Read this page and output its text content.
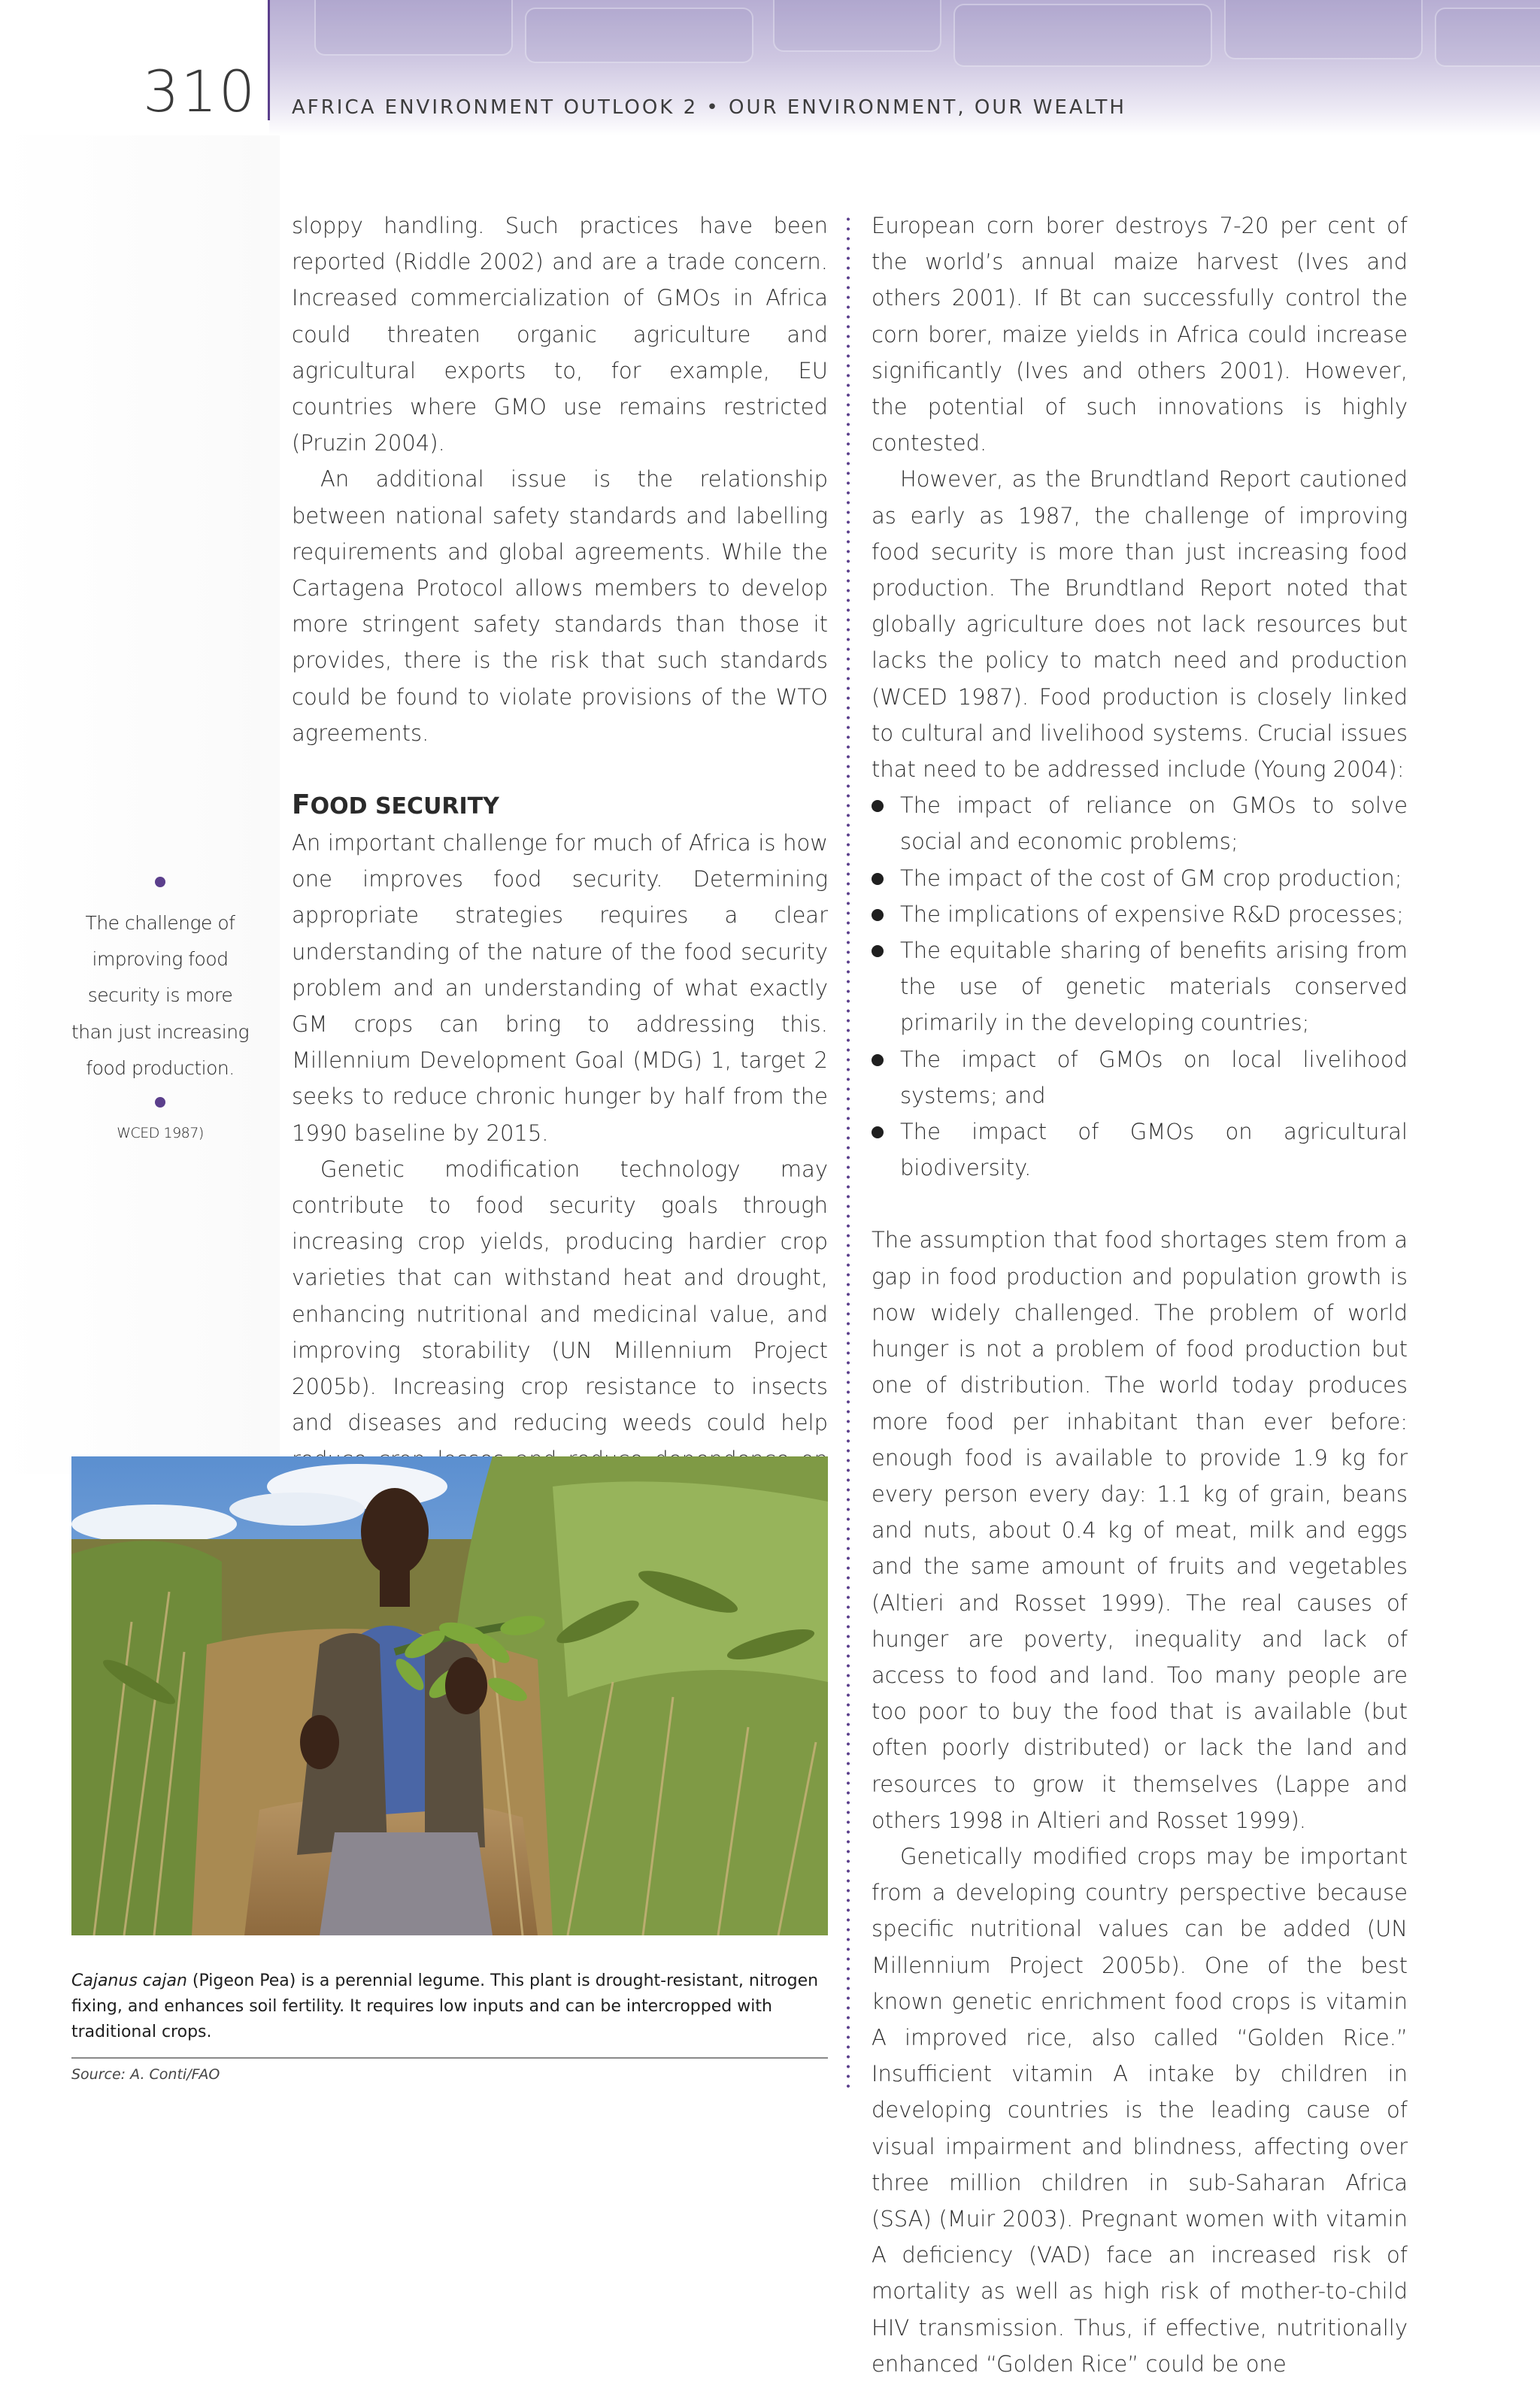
310 AFRICA ENVIRONMENT OUTLOOK 2 • OUR ENVIRONMENT, OUR WEALTH

sloppy handling. Such practices have been reported (Riddle 2002) and are a trade concern. Increased commercialization of GMOs in Africa could threaten organic agriculture and agricultural exports to, for example, EU countries where GMO use remains restricted (Pruzin 2004).

An additional issue is the relationship between national safety standards and labelling requirements and global agreements. While the Cartagena Protocol allows members to develop more stringent safety standards than those it provides, there is the risk that such standards could be found to violate provisions of the WTO agreements.

FOOD SECURITY

An important challenge for much of Africa is how one improves food security. Determining appropriate strategies requires a clear understanding of the nature of the food security problem and an understanding of what exactly GM crops can bring to addressing this. Millennium Development Goal (MDG) 1, target 2 seeks to reduce chronic hunger by half from the 1990 baseline by 2015.

Genetic modification technology may contribute to food security goals through increasing crop yields, producing hardier crop varieties that can withstand heat and drought, enhancing nutritional and medicinal value, and improving storability (UN Millennium Project 2005b). Increasing crop resistance to insects and diseases and reducing weeds could help

European corn borer destroys 7-20 per cent of the world’s annual maize harvest (Ives and others 2001). If Bt can successfully control the corn borer, maize yields in Africa could increase significantly (Ives and others 2001). However, the potential of such innovations is highly contested.

However, as the Brundtland Report cautioned as early as 1987, the challenge of improving food security is more than just increasing food production. The Brundtland Report noted that globally agriculture does not lack resources but lacks the policy to match need and production (WCED 1987). Food production is closely linked to cultural and livelihood systems. Crucial issues that need to be addressed include (Young 2004):

The impact of reliance on GMOs to solve social and economic problems;
The impact of the cost of GM crop production;
The implications of expensive R&D processes;
The equitable sharing of benefits arising from the use of genetic materials conserved primarily in the developing countries;
The impact of GMOs on local livelihood systems; and
The impact of GMOs on agricultural biodiversity.

The assumption that food shortages stem from a gap in food production and population growth is now widely challenged. The problem of world hunger is not a problem of food production but one of distribution. The world today produces more food per inhabitant than ever before: enough food is available to provide 1.9 kg for every person every day: 1.1 kg of grain, beans and nuts, about 0.4 kg of meat, milk and eggs and the same amount of fruits and vegetables (Altieri and Rosset 1999). The real causes of hunger are poverty, inequality and lack of access to food and land. Too many people are too poor to buy the food that is available (but often poorly distributed) or lack the land and resources to grow it themselves (Lappe and others 1998 in Altieri and Rosset 1999).

Genetically modified crops may be important from a developing country perspective because specific nutritional values can be added (UN Millennium Project 2005b). One of the best known genetic enrichment food crops is vitamin A improved rice, also called “Golden Rice.” Insufficient vitamin A intake by children in developing countries is the leading cause of visual impairment and blindness, affecting over three million children in sub-Saharan Africa (SSA) (Muir 2003). Pregnant women with vitamin A deficiency (VAD) face an increased risk of mortality as well as high risk of mother-to-child HIV transmission. Thus, if effective, nutritionally enhanced “Golden Rice” could be one

The challenge of improving food security is more than just increasing food production.
WCED 1987)
Cajanus cajan (Pigeon Pea) is a perennial legume. This plant is drought-resistant, nitrogen fixing, and enhances soil fertility. It requires low inputs and can be intercropped with traditional crops.
Source: A. Conti/FAO
